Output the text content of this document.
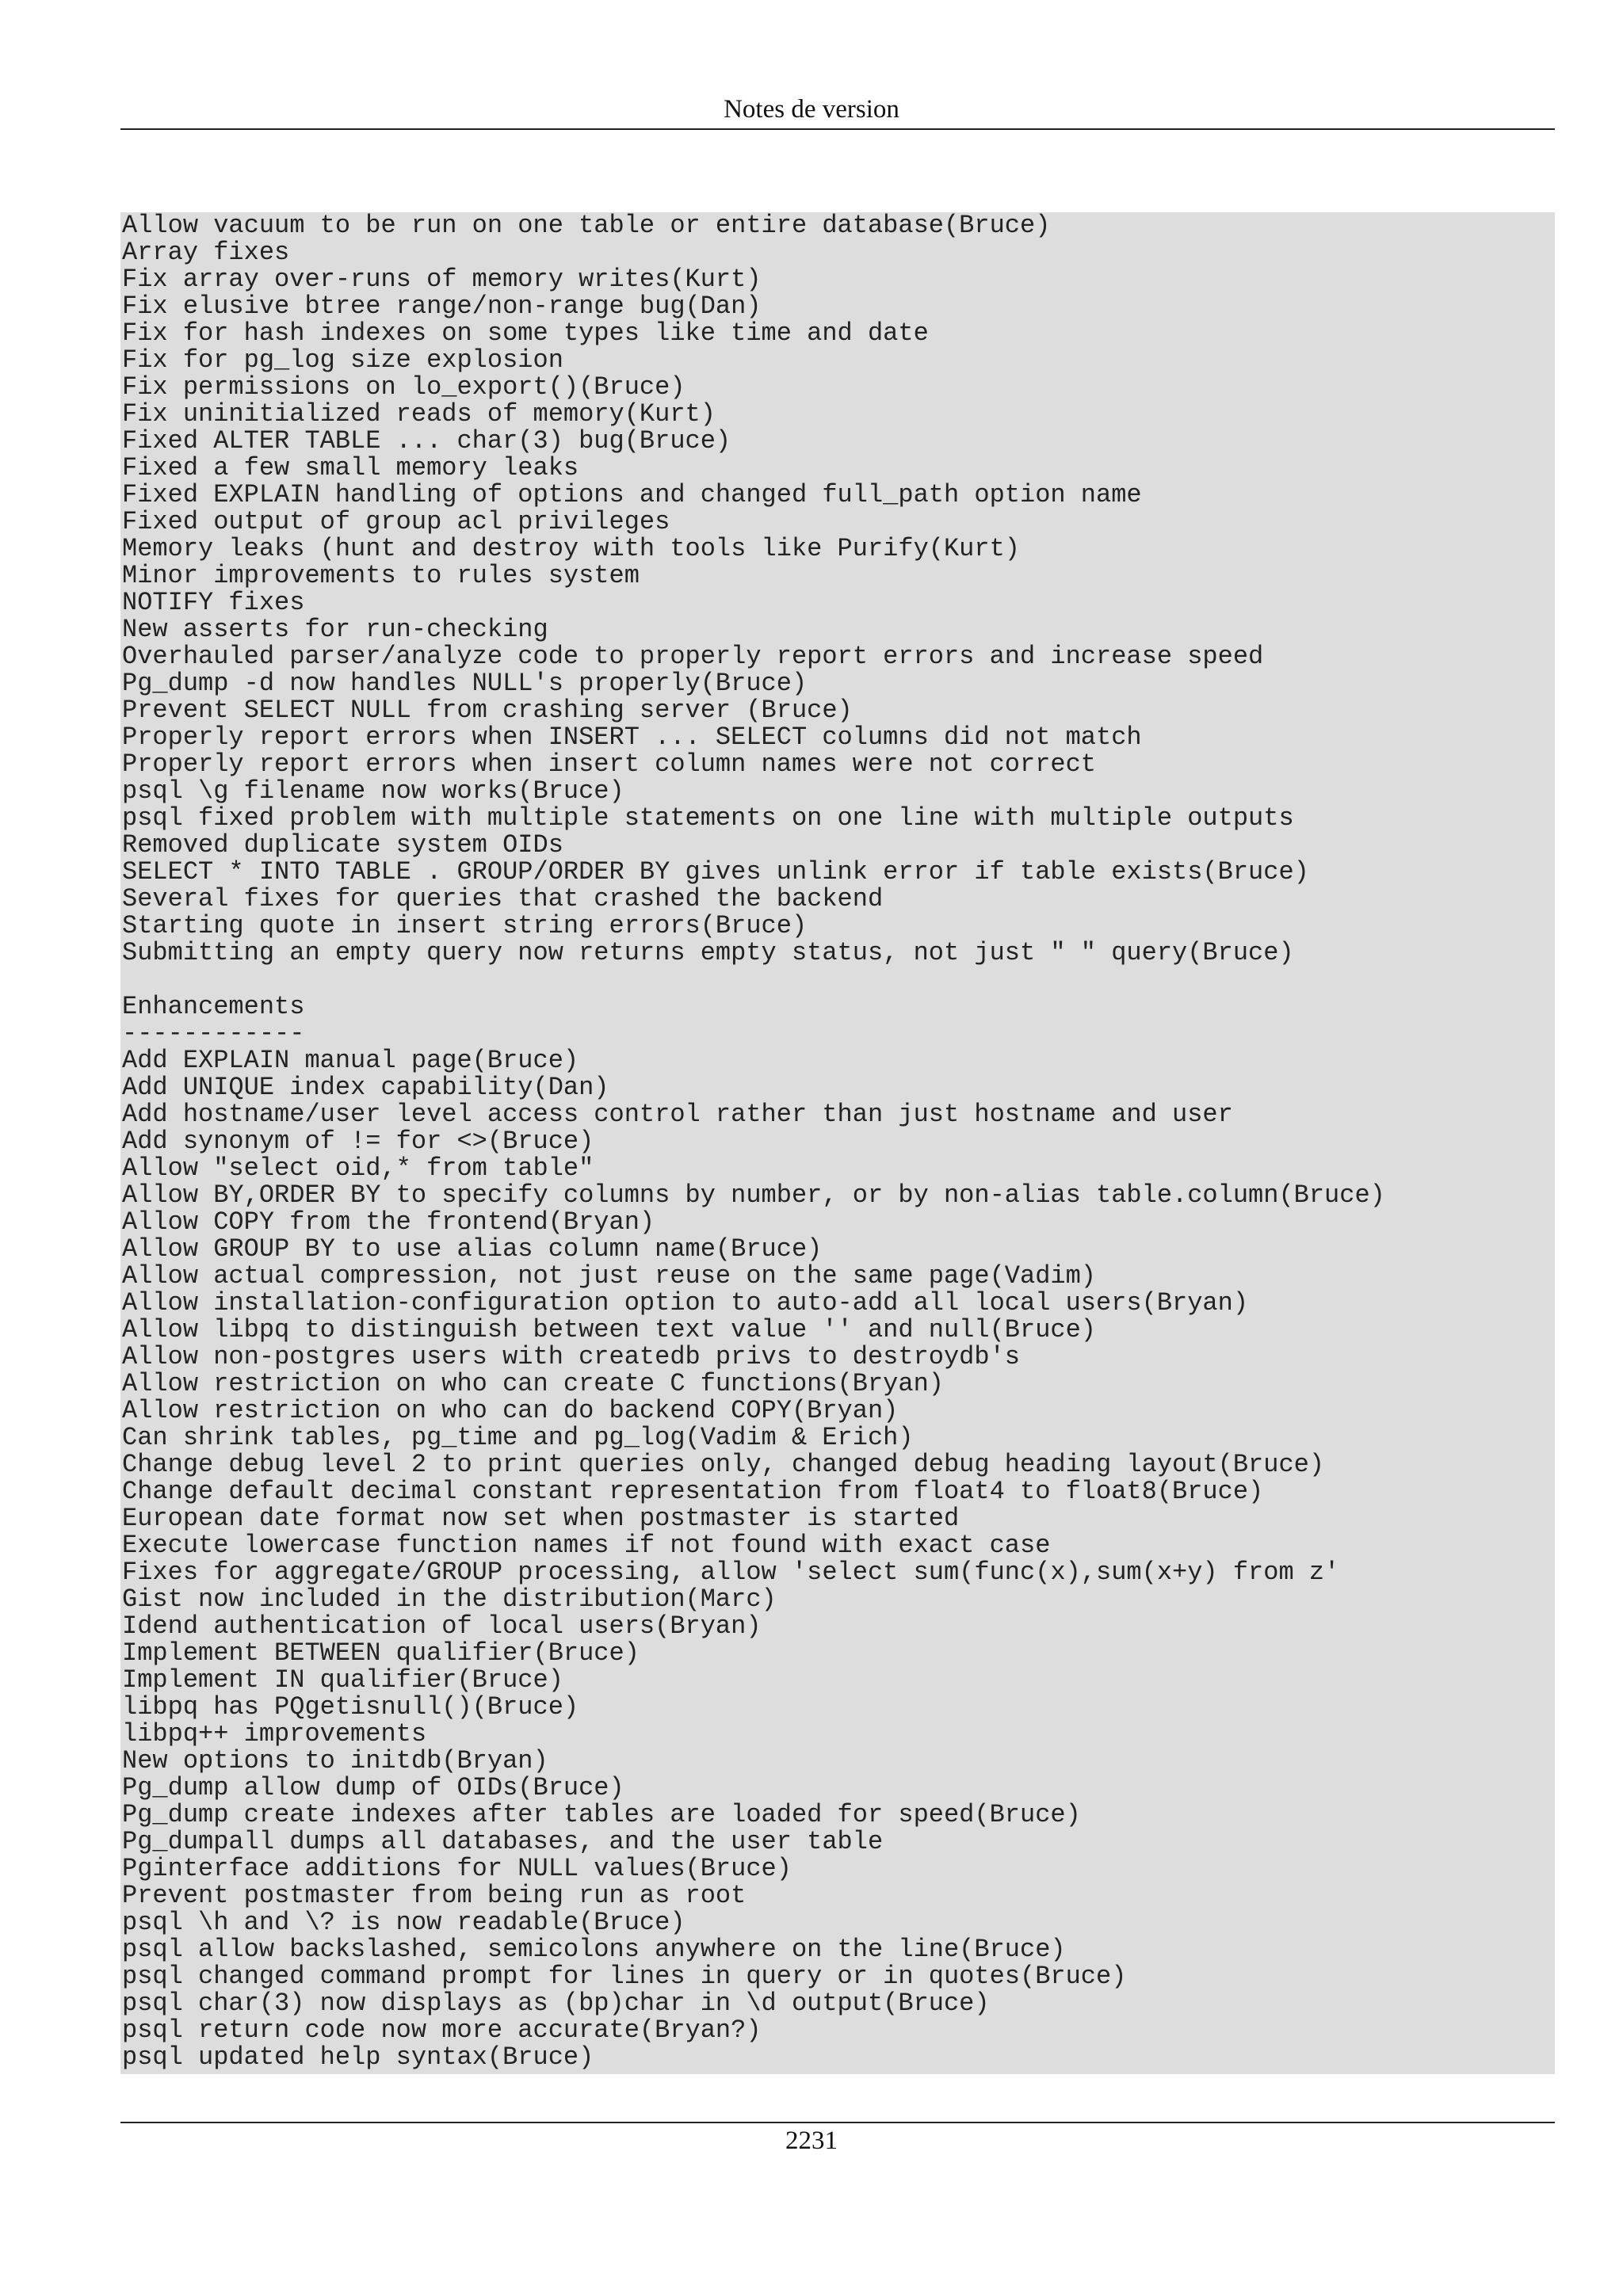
Notes de version
Allow vacuum to be run on one table or entire database(Bruce)
Array fixes
Fix array over-runs of memory writes(Kurt)
Fix elusive btree range/non-range bug(Dan)
Fix for hash indexes on some types like time and date
Fix for pg_log size explosion
Fix permissions on lo_export()(Bruce)
Fix uninitialized reads of memory(Kurt)
Fixed ALTER TABLE ... char(3) bug(Bruce)
Fixed a few small memory leaks
Fixed EXPLAIN handling of options and changed full_path option name
Fixed output of group acl privileges
Memory leaks (hunt and destroy with tools like Purify(Kurt)
Minor improvements to rules system
NOTIFY fixes
New asserts for run-checking
Overhauled parser/analyze code to properly report errors and increase speed
Pg_dump -d now handles NULL's properly(Bruce)
Prevent SELECT NULL from crashing server (Bruce)
Properly report errors when INSERT ... SELECT columns did not match
Properly report errors when insert column names were not correct
psql \g filename now works(Bruce)
psql fixed problem with multiple statements on one line with multiple outputs
Removed duplicate system OIDs
SELECT * INTO TABLE . GROUP/ORDER BY gives unlink error if table exists(Bruce)
Several fixes for queries that crashed the backend
Starting quote in insert string errors(Bruce)
Submitting an empty query now returns empty status, not just " " query(Bruce)

Enhancements
------------
Add EXPLAIN manual page(Bruce)
Add UNIQUE index capability(Dan)
Add hostname/user level access control rather than just hostname and user
Add synonym of != for <>(Bruce)
Allow "select oid,* from table"
Allow BY,ORDER BY to specify columns by number, or by non-alias table.column(Bruce)
Allow COPY from the frontend(Bryan)
Allow GROUP BY to use alias column name(Bruce)
Allow actual compression, not just reuse on the same page(Vadim)
Allow installation-configuration option to auto-add all local users(Bryan)
Allow libpq to distinguish between text value '' and null(Bruce)
Allow non-postgres users with createdb privs to destroydb's
Allow restriction on who can create C functions(Bryan)
Allow restriction on who can do backend COPY(Bryan)
Can shrink tables, pg_time and pg_log(Vadim & Erich)
Change debug level 2 to print queries only, changed debug heading layout(Bruce)
Change default decimal constant representation from float4 to float8(Bruce)
European date format now set when postmaster is started
Execute lowercase function names if not found with exact case
Fixes for aggregate/GROUP processing, allow 'select sum(func(x),sum(x+y) from z'
Gist now included in the distribution(Marc)
Idend authentication of local users(Bryan)
Implement BETWEEN qualifier(Bruce)
Implement IN qualifier(Bruce)
libpq has PQgetisnull()(Bruce)
libpq++ improvements
New options to initdb(Bryan)
Pg_dump allow dump of OIDs(Bruce)
Pg_dump create indexes after tables are loaded for speed(Bruce)
Pg_dumpall dumps all databases, and the user table
Pginterface additions for NULL values(Bruce)
Prevent postmaster from being run as root
psql \h and \? is now readable(Bruce)
psql allow backslashed, semicolons anywhere on the line(Bruce)
psql changed command prompt for lines in query or in quotes(Bruce)
psql char(3) now displays as (bp)char in \d output(Bruce)
psql return code now more accurate(Bryan?)
psql updated help syntax(Bruce)
2231
